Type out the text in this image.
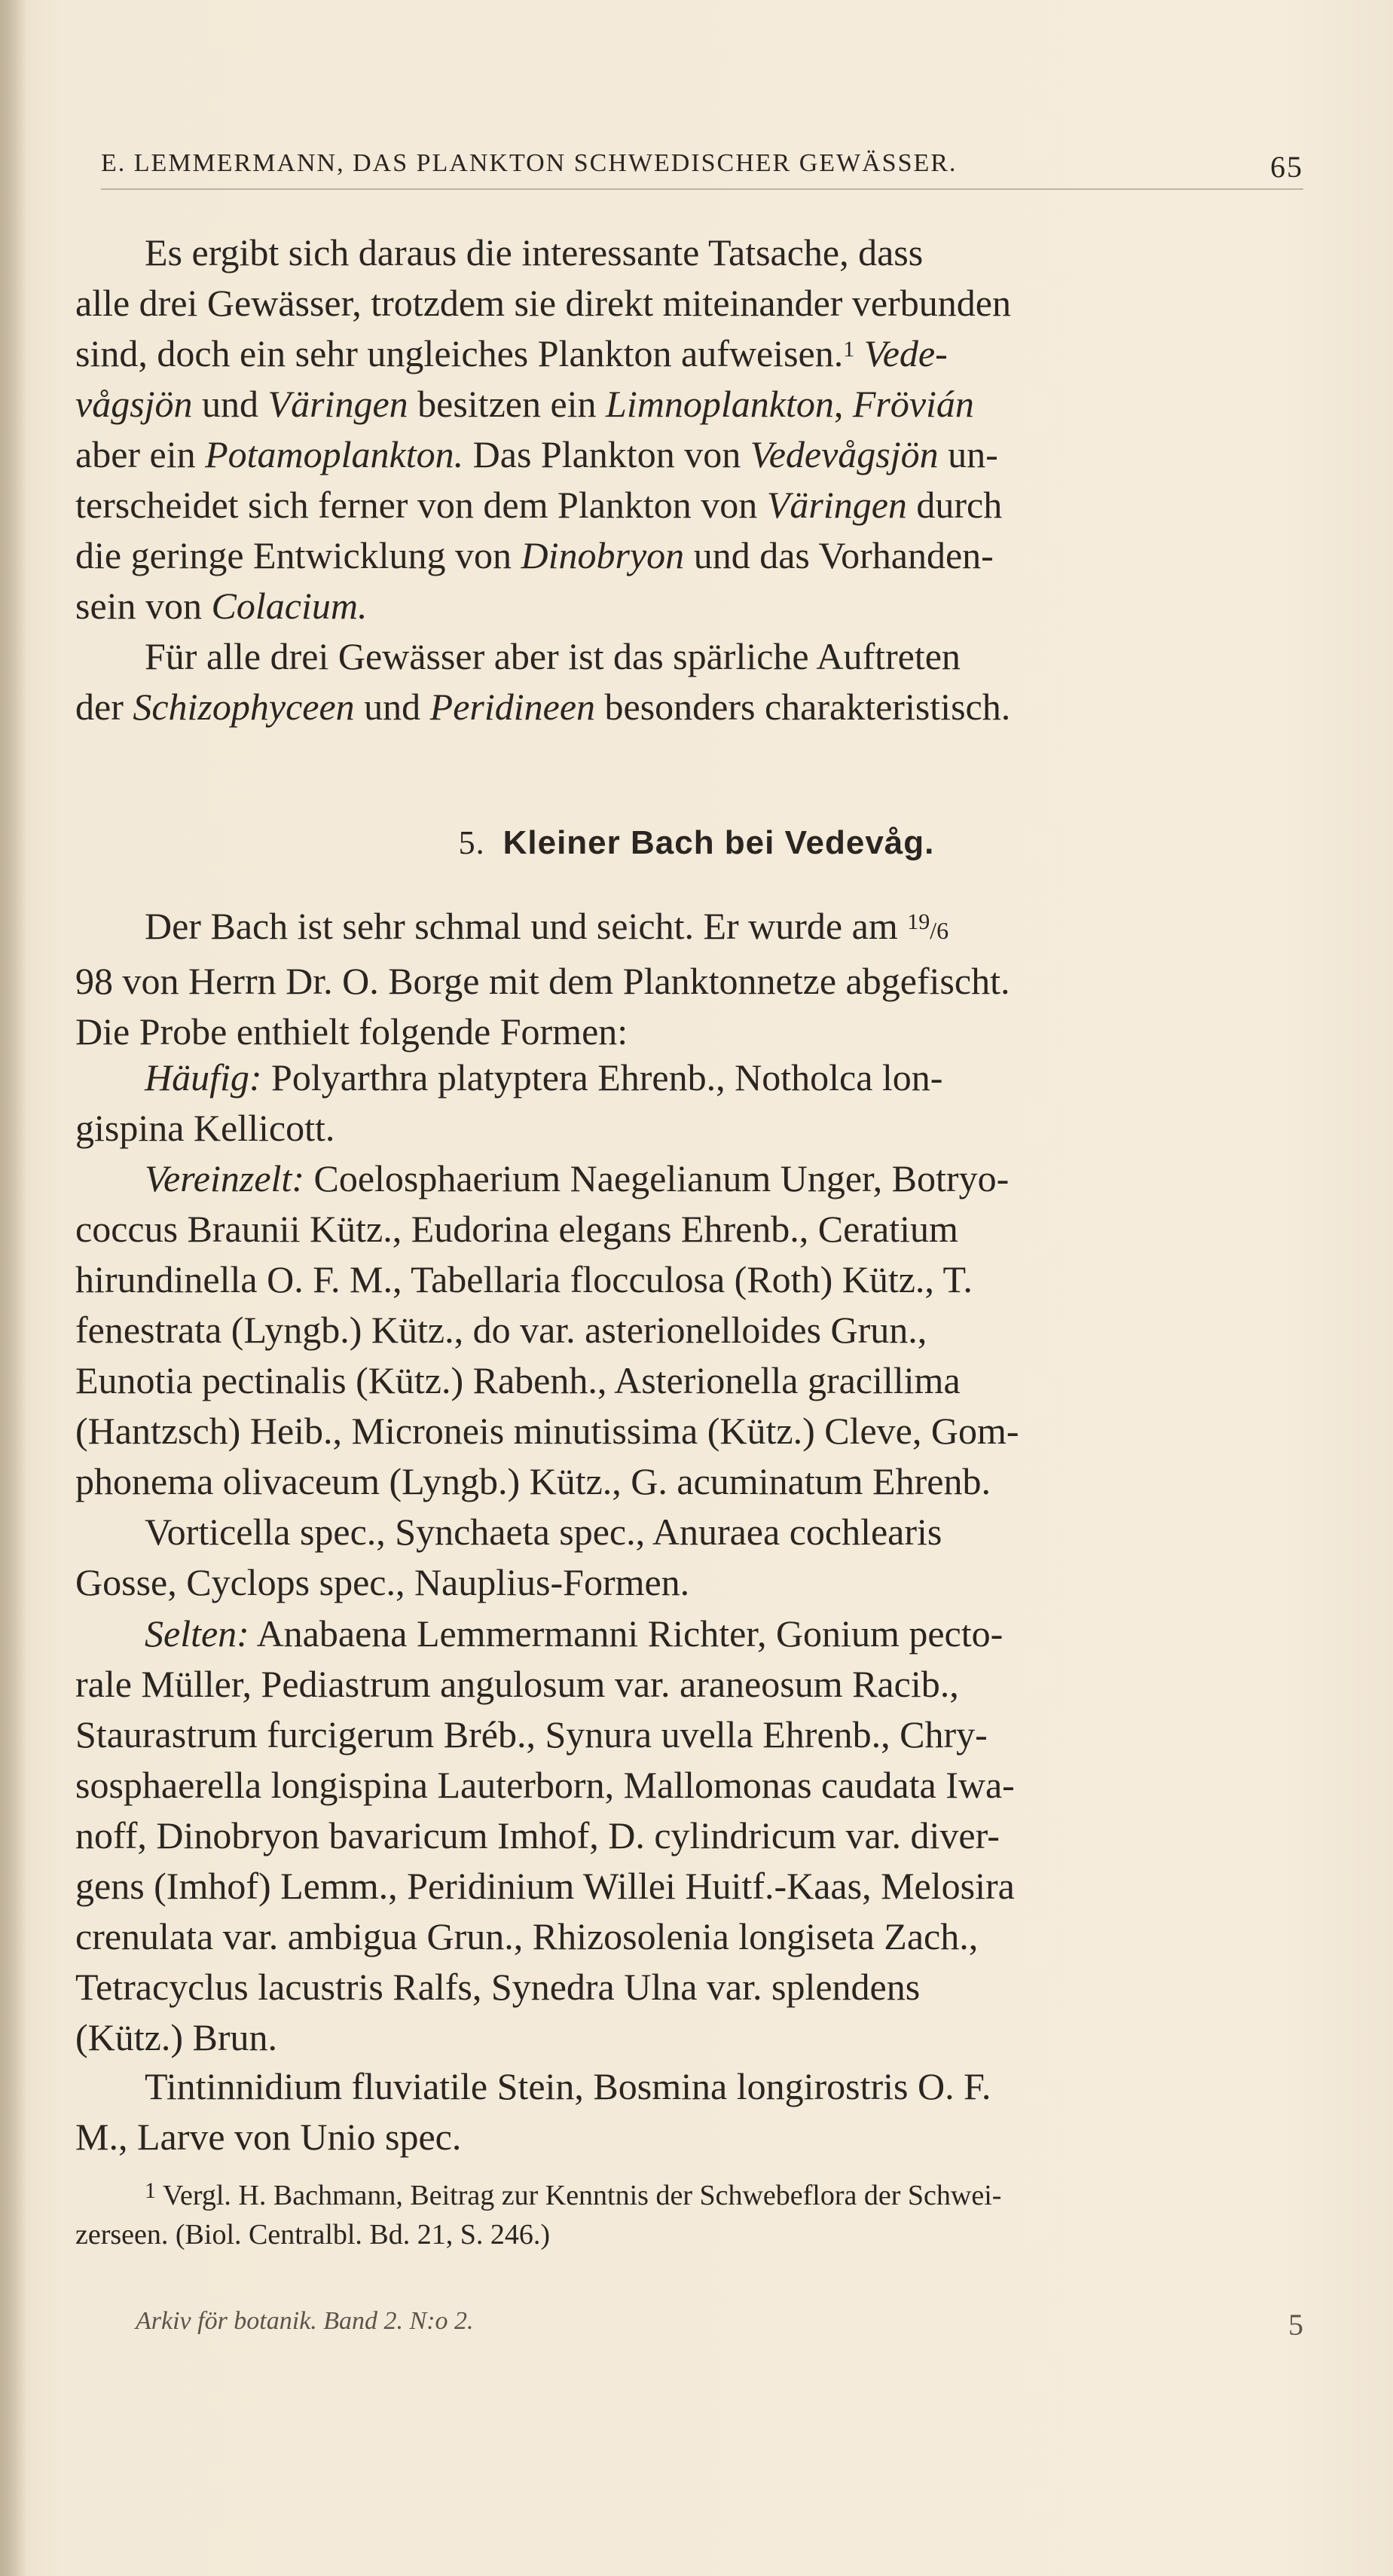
E. LEMMERMANN, DAS PLANKTON SCHWEDISCHER GEWÄSSER.	65
Es ergibt sich daraus die interessante Tatsache, dass
alle drei Gewässer, trotzdem sie direkt miteinander verbunden
sind, doch ein sehr ungleiches Plankton aufweisen.$^1$ Vede-
vågsjön und Väringen besitzen ein Limnoplankton, Frövián
aber ein Potamoplankton. Das Plankton von Vedevågsjön un-
terscheidet sich ferner von dem Plankton von Väringen durch
die geringe Entwicklung von Dinobryon und das Vorhanden-
sein von Colacium.
Für alle drei Gewässer aber ist das spärliche Auftreten
der Schizophyceen und Peridineen besonders charakteristisch.
5. Kleiner Bach bei Vedevåg.
Der Bach ist sehr schmal und seicht. Er wurde am $^{19}$/6
98 von Herrn Dr. O. Borge mit dem Planktonnetze abgefischt.
Die Probe enthielt folgende Formen:
Häufig: Polyarthra platyptera Ehrenb., Notholca lon-
gispina Kellicott.
Vereinzelt: Coelosphaerium Naegelianum Unger, Botryo-
coccus Braunii Kütz., Eudorina elegans Ehrenb., Ceratium
hirundinella O. F. M., Tabellaria flocculosa (Roth) Kütz., T.
fenestrata (Lyngb.) Kütz., do var. asterionelloides Grun.,
Eunotia pectinalis (Kütz.) Rabenh., Asterionella gracillima
(Hantzsch) Heib., Microneis minutissima (Kütz.) Cleve, Gom-
phonema olivaceum (Lyngb.) Kütz., G. acuminatum Ehrenb.
Vorticella spec., Synchaeta spec., Anuraea cochlearis
Gosse, Cyclops spec., Nauplius-Formen.
Selten: Anabaena Lemmermanni Richter, Gonium pecto-
rale Müller, Pediastrum angulosum var. araneosum Racib.,
Staurastrum furcigerum Bréb., Synura uvella Ehrenb., Chry-
sosphaerella longispina Lauterborn, Mallomonas caudata Iwa-
noff, Dinobryon bavaricum Imhof, D. cylindricum var. diver-
gens (Imhof) Lemm., Peridinium Willei Huitf.-Kaas, Melosira
crenulata var. ambigua Grun., Rhizosolenia longiseta Zach.,
Tetracyclus lacustris Ralfs, Synedra Ulna var. splendens
(Kütz.) Brun.
Tintinnidium fluviatile Stein, Bosmina longirostris O. F.
M., Larve von Unio spec.
$^1$ Vergl. H. Bachmann, Beitrag zur Kenntnis der Schwebeflora der Schwei-
zerseen. (Biol. Centralbl. Bd. 21, S. 246.)
Arkiv för botanik. Band 2. N:o 2.	5
